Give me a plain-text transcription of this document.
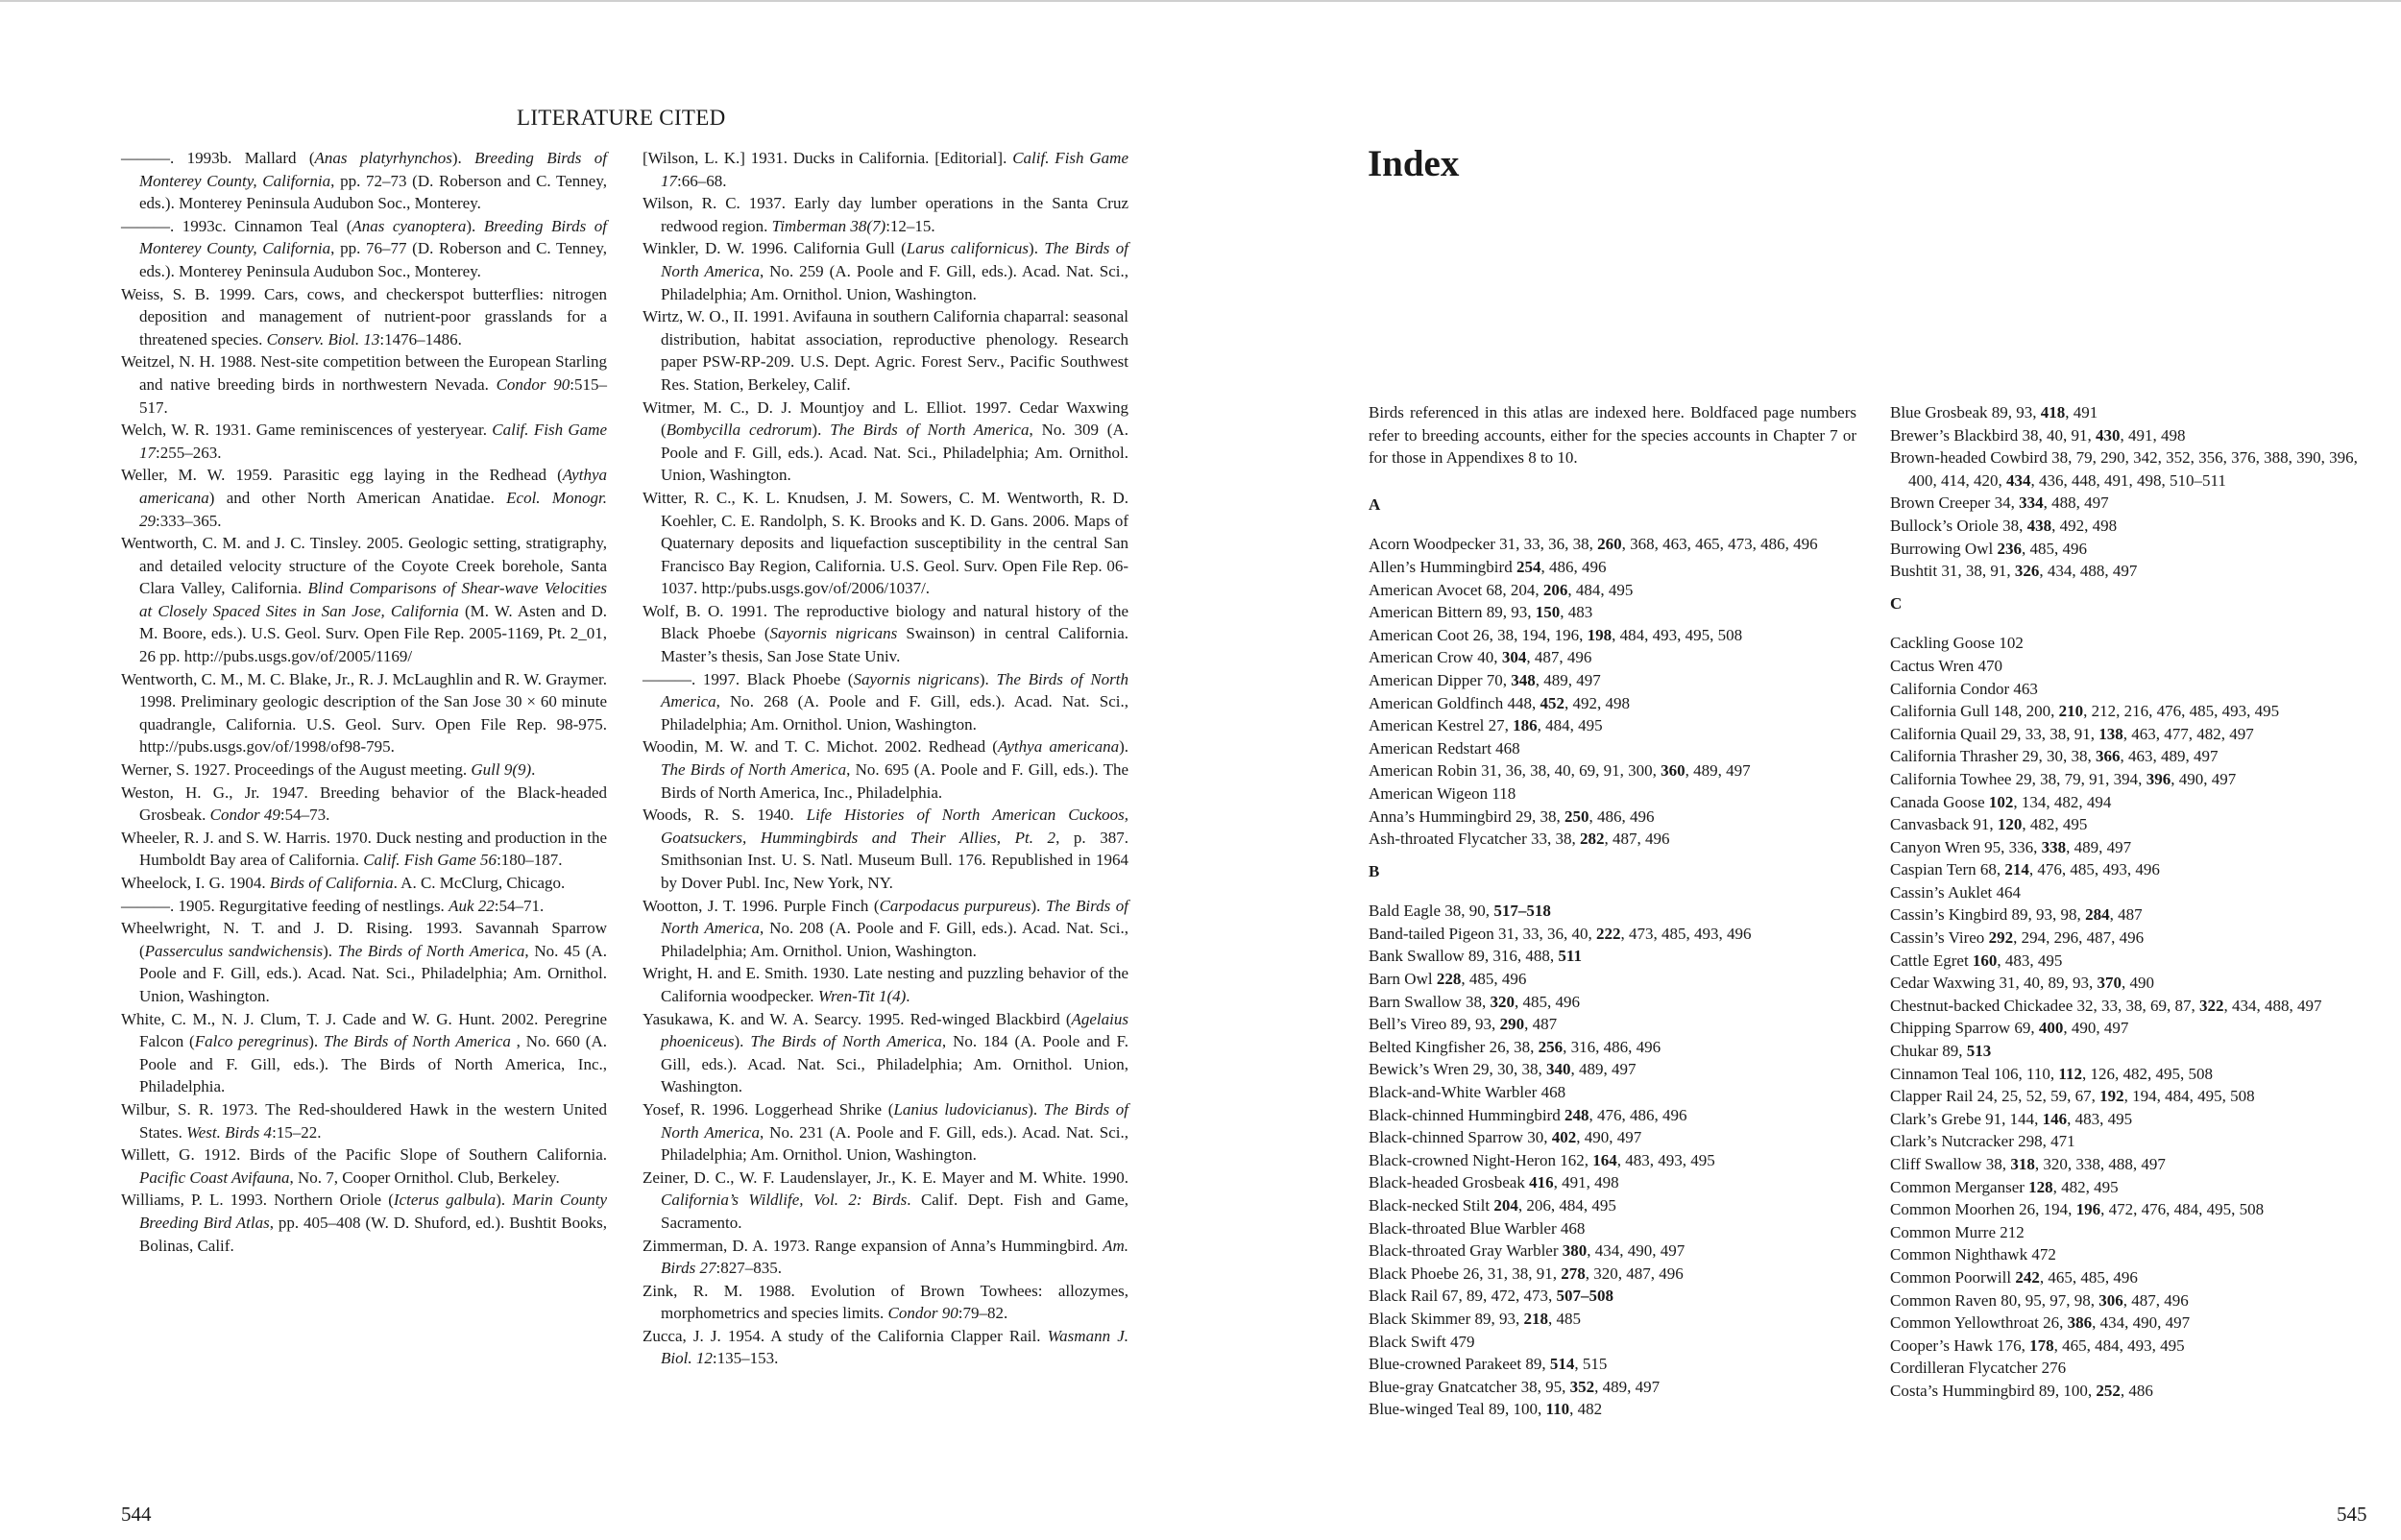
LITERATURE CITED

———. 1993b. Mallard (Anas platyrhynchos). Breeding Birds of Monterey County, California, pp. 72–73 (D. Roberson and C. Tenney, eds.). Monterey Peninsula Audubon Soc., Monterey.

———. 1993c. Cinnamon Teal (Anas cyanoptera). Breeding Birds of Monterey County, California, pp. 76–77 (D. Roberson and C. Tenney, eds.). Monterey Peninsula Audubon Soc., Monterey.

Weiss, S. B. 1999. Cars, cows, and checkerspot butterflies: nitrogen deposition and management of nutrient-poor grasslands for a threatened species. Conserv. Biol. 13:1476–1486.

Weitzel, N. H. 1988. Nest-site competition between the European Starling and native breeding birds in northwestern Nevada. Condor 90:515–517.

Welch, W. R. 1931. Game reminiscences of yesteryear. Calif. Fish Game 17:255–263.

Weller, M. W. 1959. Parasitic egg laying in the Redhead (Aythya americana) and other North American Anatidae. Ecol. Monogr. 29:333–365.

Wentworth, C. M. and J. C. Tinsley. 2005. Geologic setting, stratigraphy, and detailed velocity structure of the Coyote Creek borehole, Santa Clara Valley, California. Blind Comparisons of Shear-wave Velocities at Closely Spaced Sites in San Jose, California (M. W. Asten and D. M. Boore, eds.). U.S. Geol. Surv. Open File Rep. 2005-1169, Pt. 2_01, 26 pp. http://pubs.usgs.gov/of/2005/1169/

Wentworth, C. M., M. C. Blake, Jr., R. J. McLaughlin and R. W. Graymer. 1998. Preliminary geologic description of the San Jose 30 × 60 minute quadrangle, California. U.S. Geol. Surv. Open File Rep. 98-975. http://pubs.usgs.gov/of/1998/of98-795.

Werner, S. 1927. Proceedings of the August meeting. Gull 9(9).

Weston, H. G., Jr. 1947. Breeding behavior of the Black-headed Grosbeak. Condor 49:54–73.

Wheeler, R. J. and S. W. Harris. 1970. Duck nesting and production in the Humboldt Bay area of California. Calif. Fish Game 56:180–187.

Wheelock, I. G. 1904. Birds of California. A. C. McClurg, Chicago.

———. 1905. Regurgitative feeding of nestlings. Auk 22:54–71.

Wheelwright, N. T. and J. D. Rising. 1993. Savannah Sparrow (Passerculus sandwichensis). The Birds of North America, No. 45 (A. Poole and F. Gill, eds.). Acad. Nat. Sci., Philadelphia; Am. Ornithol. Union, Washington.

White, C. M., N. J. Clum, T. J. Cade and W. G. Hunt. 2002. Peregrine Falcon (Falco peregrinus). The Birds of North America , No. 660 (A. Poole and F. Gill, eds.). The Birds of North America, Inc., Philadelphia.

Wilbur, S. R. 1973. The Red-shouldered Hawk in the western United States. West. Birds 4:15–22.

Willett, G. 1912. Birds of the Pacific Slope of Southern California. Pacific Coast Avifauna, No. 7, Cooper Ornithol. Club, Berkeley.

Williams, P. L. 1993. Northern Oriole (Icterus galbula). Marin County Breeding Bird Atlas, pp. 405–408 (W. D. Shuford, ed.). Bushtit Books, Bolinas, Calif.

[Wilson, L. K.] 1931. Ducks in California. [Editorial]. Calif. Fish Game 17:66–68.

Wilson, R. C. 1937. Early day lumber operations in the Santa Cruz redwood region. Timberman 38(7):12–15.

Winkler, D. W. 1996. California Gull (Larus californicus). The Birds of North America, No. 259 (A. Poole and F. Gill, eds.). Acad. Nat. Sci., Philadelphia; Am. Ornithol. Union, Washington.

Wirtz, W. O., II. 1991. Avifauna in southern California chaparral: seasonal distribution, habitat association, reproductive phenology. Research paper PSW-RP-209. U.S. Dept. Agric. Forest Serv., Pacific Southwest Res. Station, Berkeley, Calif.

Witmer, M. C., D. J. Mountjoy and L. Elliot. 1997. Cedar Waxwing (Bombycilla cedrorum). The Birds of North America, No. 309 (A. Poole and F. Gill, eds.). Acad. Nat. Sci., Philadelphia; Am. Ornithol. Union, Washington.

Witter, R. C., K. L. Knudsen, J. M. Sowers, C. M. Wentworth, R. D. Koehler, C. E. Randolph, S. K. Brooks and K. D. Gans. 2006. Maps of Quaternary deposits and liquefaction susceptibility in the central San Francisco Bay Region, California. U.S. Geol. Surv. Open File Rep. 06-1037. http:/pubs.usgs.gov/of/2006/1037/.

Wolf, B. O. 1991. The reproductive biology and natural history of the Black Phoebe (Sayornis nigricans Swainson) in central California. Master’s thesis, San Jose State Univ.

———. 1997. Black Phoebe (Sayornis nigricans). The Birds of North America, No. 268 (A. Poole and F. Gill, eds.). Acad. Nat. Sci., Philadelphia; Am. Ornithol. Union, Washington.

Woodin, M. W. and T. C. Michot. 2002. Redhead (Aythya americana). The Birds of North America, No. 695 (A. Poole and F. Gill, eds.). The Birds of North America, Inc., Philadelphia.

Woods, R. S. 1940. Life Histories of North American Cuckoos, Goatsuckers, Hummingbirds and Their Allies, Pt. 2, p. 387. Smithsonian Inst. U. S. Natl. Museum Bull. 176. Republished in 1964 by Dover Publ. Inc, New York, NY.

Wootton, J. T. 1996. Purple Finch (Carpodacus purpureus). The Birds of North America, No. 208 (A. Poole and F. Gill, eds.). Acad. Nat. Sci., Philadelphia; Am. Ornithol. Union, Washington.

Wright, H. and E. Smith. 1930. Late nesting and puzzling behavior of the California woodpecker. Wren-Tit 1(4).

Yasukawa, K. and W. A. Searcy. 1995. Red-winged Blackbird (Agelaius phoeniceus). The Birds of North America, No. 184 (A. Poole and F. Gill, eds.). Acad. Nat. Sci., Philadelphia; Am. Ornithol. Union, Washington.

Yosef, R. 1996. Loggerhead Shrike (Lanius ludovicianus). The Birds of North America, No. 231 (A. Poole and F. Gill, eds.). Acad. Nat. Sci., Philadelphia; Am. Ornithol. Union, Washington.

Zeiner, D. C., W. F. Laudenslayer, Jr., K. E. Mayer and M. White. 1990. California’s Wildlife, Vol. 2: Birds. Calif. Dept. Fish and Game, Sacramento.

Zimmerman, D. A. 1973. Range expansion of Anna’s Hummingbird. Am. Birds 27:827–835.

Zink, R. M. 1988. Evolution of Brown Towhees: allozymes, morphometrics and species limits. Condor 90:79–82.

Zucca, J. J. 1954. A study of the California Clapper Rail. Wasmann J. Biol. 12:135–153.

544
Index
Birds referenced in this atlas are indexed here. Boldfaced page numbers refer to breeding accounts, either for the species accounts in Chapter 7 or for those in Appendixes 8 to 10.
A
Acorn Woodpecker 31, 33, 36, 38, 260, 368, 463, 465, 473, 486, 496
Allen’s Hummingbird 254, 486, 496
American Avocet 68, 204, 206, 484, 495
American Bittern 89, 93, 150, 483
American Coot 26, 38, 194, 196, 198, 484, 493, 495, 508
American Crow 40, 304, 487, 496
American Dipper 70, 348, 489, 497
American Goldfinch 448, 452, 492, 498
American Kestrel 27, 186, 484, 495
American Redstart 468
American Robin 31, 36, 38, 40, 69, 91, 300, 360, 489, 497
American Wigeon 118
Anna’s Hummingbird 29, 38, 250, 486, 496
Ash-throated Flycatcher 33, 38, 282, 487, 496
B
Bald Eagle 38, 90, 517–518
Band-tailed Pigeon 31, 33, 36, 40, 222, 473, 485, 493, 496
Bank Swallow 89, 316, 488, 511
Barn Owl 228, 485, 496
Barn Swallow 38, 320, 485, 496
Bell’s Vireo 89, 93, 290, 487
Belted Kingfisher 26, 38, 256, 316, 486, 496
Bewick’s Wren 29, 30, 38, 340, 489, 497
Black-and-White Warbler 468
Black-chinned Hummingbird 248, 476, 486, 496
Black-chinned Sparrow 30, 402, 490, 497
Black-crowned Night-Heron 162, 164, 483, 493, 495
Black-headed Grosbeak 416, 491, 498
Black-necked Stilt 204, 206, 484, 495
Black-throated Blue Warbler 468
Black-throated Gray Warbler 380, 434, 490, 497
Black Phoebe 26, 31, 38, 91, 278, 320, 487, 496
Black Rail 67, 89, 472, 473, 507–508
Black Skimmer 89, 93, 218, 485
Black Swift 479
Blue-crowned Parakeet 89, 514, 515
Blue-gray Gnatcatcher 38, 95, 352, 489, 497
Blue-winged Teal 89, 100, 110, 482
Blue Grosbeak 89, 93, 418, 491
Brewer’s Blackbird 38, 40, 91, 430, 491, 498
Brown-headed Cowbird 38, 79, 290, 342, 352, 356, 376, 388, 390, 396, 400, 414, 420, 434, 436, 448, 491, 498, 510–511
Brown Creeper 34, 334, 488, 497
Bullock’s Oriole 38, 438, 492, 498
Burrowing Owl 236, 485, 496
Bushtit 31, 38, 91, 326, 434, 488, 497
C
Cackling Goose 102
Cactus Wren 470
California Condor 463
California Gull 148, 200, 210, 212, 216, 476, 485, 493, 495
California Quail 29, 33, 38, 91, 138, 463, 477, 482, 497
California Thrasher 29, 30, 38, 366, 463, 489, 497
California Towhee 29, 38, 79, 91, 394, 396, 490, 497
Canada Goose 102, 134, 482, 494
Canvasback 91, 120, 482, 495
Canyon Wren 95, 336, 338, 489, 497
Caspian Tern 68, 214, 476, 485, 493, 496
Cassin’s Auklet 464
Cassin’s Kingbird 89, 93, 98, 284, 487
Cassin’s Vireo 292, 294, 296, 487, 496
Cattle Egret 160, 483, 495
Cedar Waxwing 31, 40, 89, 93, 370, 490
Chestnut-backed Chickadee 32, 33, 38, 69, 87, 322, 434, 488, 497
Chipping Sparrow 69, 400, 490, 497
Chukar 89, 513
Cinnamon Teal 106, 110, 112, 126, 482, 495, 508
Clapper Rail 24, 25, 52, 59, 67, 192, 194, 484, 495, 508
Clark’s Grebe 91, 144, 146, 483, 495
Clark’s Nutcracker 298, 471
Cliff Swallow 38, 318, 320, 338, 488, 497
Common Merganser 128, 482, 495
Common Moorhen 26, 194, 196, 472, 476, 484, 495, 508
Common Murre 212
Common Nighthawk 472
Common Poorwill 242, 465, 485, 496
Common Raven 80, 95, 97, 98, 306, 487, 496
Common Yellowthroat 26, 386, 434, 490, 497
Cooper’s Hawk 176, 178, 465, 484, 493, 495
Cordilleran Flycatcher 276
Costa’s Hummingbird 89, 100, 252, 486
545
